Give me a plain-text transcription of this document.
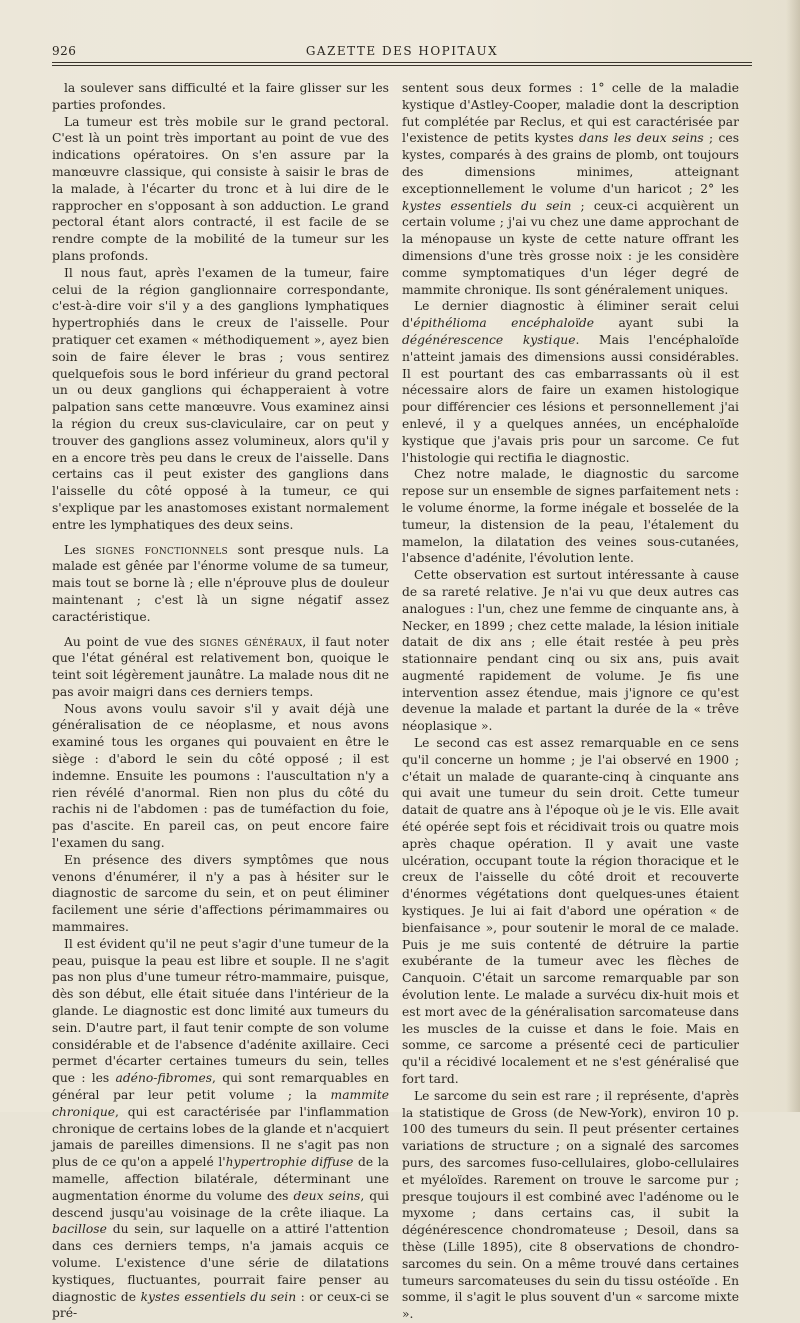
926	GAZETTE DES HOPITAUX

la soulever sans difficulté et la faire glisser sur les parties profondes.

La tumeur est très mobile sur le grand pectoral. C'est là un point très important au point de vue des indications opératoires. On s'en assure par la manœuvre classique, qui consiste à saisir le bras de la malade, à l'écarter du tronc et à lui dire de le rapprocher en s'opposant à son adduction. Le grand pectoral étant alors contracté, il est facile de se rendre compte de la mobilité de la tumeur sur les plans profonds.

Il nous faut, après l'examen de la tumeur, faire celui de la région ganglionnaire correspondante, c'est-à-dire voir s'il y a des ganglions lymphatiques hypertrophiés dans le creux de l'aisselle. Pour pratiquer cet examen « méthodiquement », ayez bien soin de faire élever le bras ; vous sentirez quelquefois sous le bord inférieur du grand pectoral un ou deux ganglions qui échapperaient à votre palpation sans cette manœuvre. Vous examinez ainsi la région du creux sus-claviculaire, car on peut y trouver des ganglions assez volumineux, alors qu'il y en a encore très peu dans le creux de l'aisselle. Dans certains cas il peut exister des ganglions dans l'aisselle du côté opposé à la tumeur, ce qui s'explique par les anastomoses existant normalement entre les lymphatiques des deux seins.

Les signes fonctionnels sont presque nuls. La malade est gênée par l'énorme volume de sa tumeur, mais tout se borne là ; elle n'éprouve plus de douleur maintenant ; c'est là un signe négatif assez caractéristique.

Au point de vue des signes généraux, il faut noter que l'état général est relativement bon, quoique le teint soit légèrement jaunâtre. La malade nous dit ne pas avoir maigri dans ces derniers temps.

Nous avons voulu savoir s'il y avait déjà une généralisation de ce néoplasme, et nous avons examiné tous les organes qui pouvaient en être le siège : d'abord le sein du côté opposé ; il est indemne. Ensuite les poumons : l'auscultation n'y a rien révélé d'anormal. Rien non plus du côté du rachis ni de l'abdomen : pas de tuméfaction du foie, pas d'ascite. En pareil cas, on peut encore faire l'examen du sang.

En présence des divers symptômes que nous venons d'énumérer, il n'y a pas à hésiter sur le diagnostic de sarcome du sein, et on peut éliminer facilement une série d'affections périmammaires ou mammaires.

Il est évident qu'il ne peut s'agir d'une tumeur de la peau, puisque la peau est libre et souple. Il ne s'agit pas non plus d'une tumeur rétro-mammaire, puisque, dès son début, elle était située dans l'intérieur de la glande. Le diagnostic est donc limité aux tumeurs du sein. D'autre part, il faut tenir compte de son volume considérable et de l'absence d'adénite axillaire. Ceci permet d'écarter certaines tumeurs du sein, telles que : les adéno-fibromes, qui sont remarquables en général par leur petit volume ; la mammite chronique, qui est caractérisée par l'inflammation chronique de certains lobes de la glande et n'acquiert jamais de pareilles dimensions. Il ne s'agit pas non plus de ce qu'on a appelé l'hypertrophie diffuse de la mamelle, affection bilatérale, déterminant une augmentation énorme du volume des deux seins, qui descend jusqu'au voisinage de la crête iliaque. La bacillose du sein, sur laquelle on a attiré l'attention dans ces derniers temps, n'a jamais acquis ce volume. L'existence d'une série de dilatations kystiques, fluctuantes, pourrait faire penser au diagnostic de kystes essentiels du sein : or ceux-ci se pré-

sentent sous deux formes : 1° celle de la maladie kystique d'Astley-Cooper, maladie dont la description fut complétée par Reclus, et qui est caractérisée par l'existence de petits kystes dans les deux seins ; ces kystes, comparés à des grains de plomb, ont toujours des dimensions minimes, atteignant exceptionnellement le volume d'un haricot ; 2° les kystes essentiels du sein ; ceux-ci acquièrent un certain volume ; j'ai vu chez une dame approchant de la ménopause un kyste de cette nature offrant les dimensions d'une très grosse noix : je les considère comme symptomatiques d'un léger degré de mammite chronique. Ils sont généralement uniques.

Le dernier diagnostic à éliminer serait celui d'épithélioma encéphaloïde ayant subi la dégénérescence kystique. Mais l'encéphaloïde n'atteint jamais des dimensions aussi considérables. Il est pourtant des cas embarrassants où il est nécessaire alors de faire un examen histologique pour différencier ces lésions et personnellement j'ai enlevé, il y a quelques années, un encéphaloïde kystique que j'avais pris pour un sarcome. Ce fut l'histologie qui rectifia le diagnostic.

Chez notre malade, le diagnostic du sarcome repose sur un ensemble de signes parfaitement nets : le volume énorme, la forme inégale et bosselée de la tumeur, la distension de la peau, l'étalement du mamelon, la dilatation des veines sous-cutanées, l'absence d'adénite, l'évolution lente.

Cette observation est surtout intéressante à cause de sa rareté relative. Je n'ai vu que deux autres cas analogues : l'un, chez une femme de cinquante ans, à Necker, en 1899 ; chez cette malade, la lésion initiale datait de dix ans ; elle était restée à peu près stationnaire pendant cinq ou six ans, puis avait augmenté rapidement de volume. Je fis une intervention assez étendue, mais j'ignore ce qu'est devenue la malade et partant la durée de la « trêve néoplasique ».

Le second cas est assez remarquable en ce sens qu'il concerne un homme ; je l'ai observé en 1900 ; c'était un malade de quarante-cinq à cinquante ans qui avait une tumeur du sein droit. Cette tumeur datait de quatre ans à l'époque où je le vis. Elle avait été opérée sept fois et récidivait trois ou quatre mois après chaque opération. Il y avait une vaste ulcération, occupant toute la région thoracique et le creux de l'aisselle du côté droit et recouverte d'énormes végétations dont quelques-unes étaient kystiques. Je lui ai fait d'abord une opération « de bienfaisance », pour soutenir le moral de ce malade. Puis je me suis contenté de détruire la partie exubérante de la tumeur avec les flèches de Canquoin. C'était un sarcome remarquable par son évolution lente. Le malade a survécu dix-huit mois et est mort avec de la généralisation sarcomateuse dans les muscles de la cuisse et dans le foie. Mais en somme, ce sarcome a présenté ceci de particulier qu'il a récidivé localement et ne s'est généralisé que fort tard.

Le sarcome du sein est rare ; il représente, d'après la statistique de Gross (de New-York), environ 10 p. 100 des tumeurs du sein. Il peut présenter certaines variations de structure ; on a signalé des sarcomes purs, des sarcomes fuso-cellulaires, globo-cellulaires et myéloïdes. Rarement on trouve le sarcome pur ; presque toujours il est combiné avec l'adénome ou le myxome ; dans certains cas, il subit la dégénérescence chondromateuse ; Desoil, dans sa thèse (Lille 1895), cite 8 observations de chondro-sarcomes du sein. On a même trouvé dans certaines tumeurs sarcomateuses du sein du tissu ostéoïde . En somme, il s'agit le plus souvent d'un « sarcome mixte ».
